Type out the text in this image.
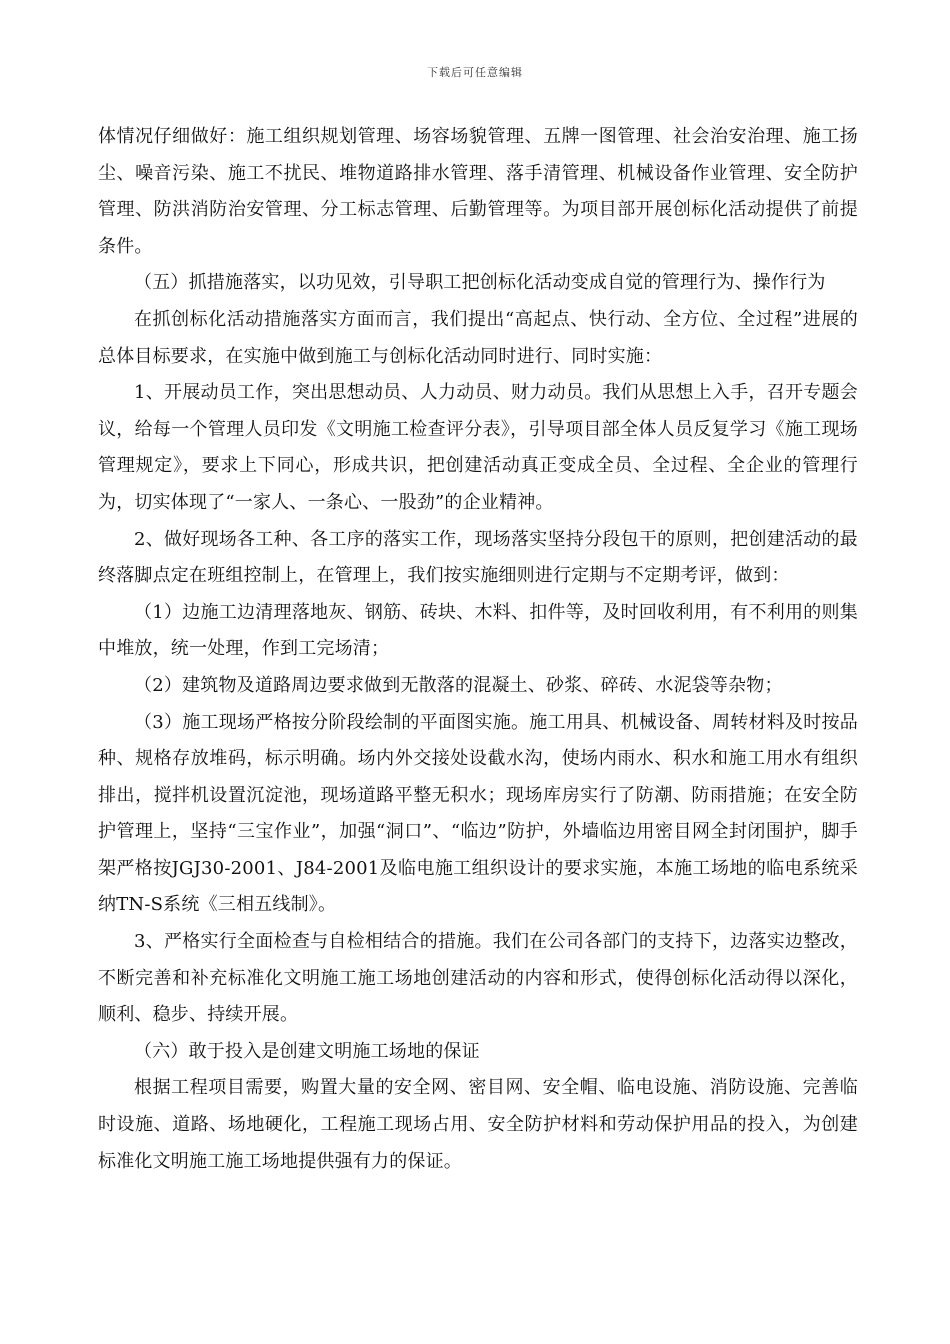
下载后可任意编辑

体情况仔细做好：施工组织规划管理、场容场貌管理、五牌一图管理、社会治安治理、施工扬尘、噪音污染、施工不扰民、堆物道路排水管理、落手清管理、机械设备作业管理、安全防护管理、防洪消防治安管理、分工标志管理、后勤管理等。为项目部开展创标化活动提供了前提条件。

（五）抓措施落实，以功见效，引导职工把创标化活动变成自觉的管理行为、操作行为

在抓创标化活动措施落实方面而言，我们提出“高起点、快行动、全方位、全过程”进展的总体目标要求，在实施中做到施工与创标化活动同时进行、同时实施：

1、开展动员工作，突出思想动员、人力动员、财力动员。我们从思想上入手，召开专题会议，给每一个管理人员印发《文明施工检查评分表》，引导项目部全体人员反复学习《施工现场管理规定》，要求上下同心，形成共识，把创建活动真正变成全员、全过程、全企业的管理行为，切实体现了“一家人、一条心、一股劲”的企业精神。

2、做好现场各工种、各工序的落实工作，现场落实坚持分段包干的原则，把创建活动的最终落脚点定在班组控制上，在管理上，我们按实施细则进行定期与不定期考评，做到：

（1）边施工边清理落地灰、钢筋、砖块、木料、扣件等，及时回收利用，有不利用的则集中堆放，统一处理，作到工完场清；

（2）建筑物及道路周边要求做到无散落的混凝土、砂浆、碎砖、水泥袋等杂物；

（3）施工现场严格按分阶段绘制的平面图实施。施工用具、机械设备、周转材料及时按品种、规格存放堆码，标示明确。场内外交接处设截水沟，使场内雨水、积水和施工用水有组织排出，搅拌机设置沉淀池，现场道路平整无积水；现场库房实行了防潮、防雨措施；在安全防护管理上，坚持“三宝作业”，加强“洞口”、“临边”防护，外墙临边用密目网全封闭围护，脚手架严格按JGJ30-2001、J84-2001及临电施工组织设计的要求实施，本施工场地的临电系统采纳TN-S系统《三相五线制》。

3、严格实行全面检查与自检相结合的措施。我们在公司各部门的支持下，边落实边整改，不断完善和补充标准化文明施工施工场地创建活动的内容和形式，使得创标化活动得以深化，顺利、稳步、持续开展。

（六）敢于投入是创建文明施工场地的保证

根据工程项目需要，购置大量的安全网、密目网、安全帽、临电设施、消防设施、完善临时设施、道路、场地硬化，工程施工现场占用、安全防护材料和劳动保护用品的投入，为创建标准化文明施工施工场地提供强有力的保证。
